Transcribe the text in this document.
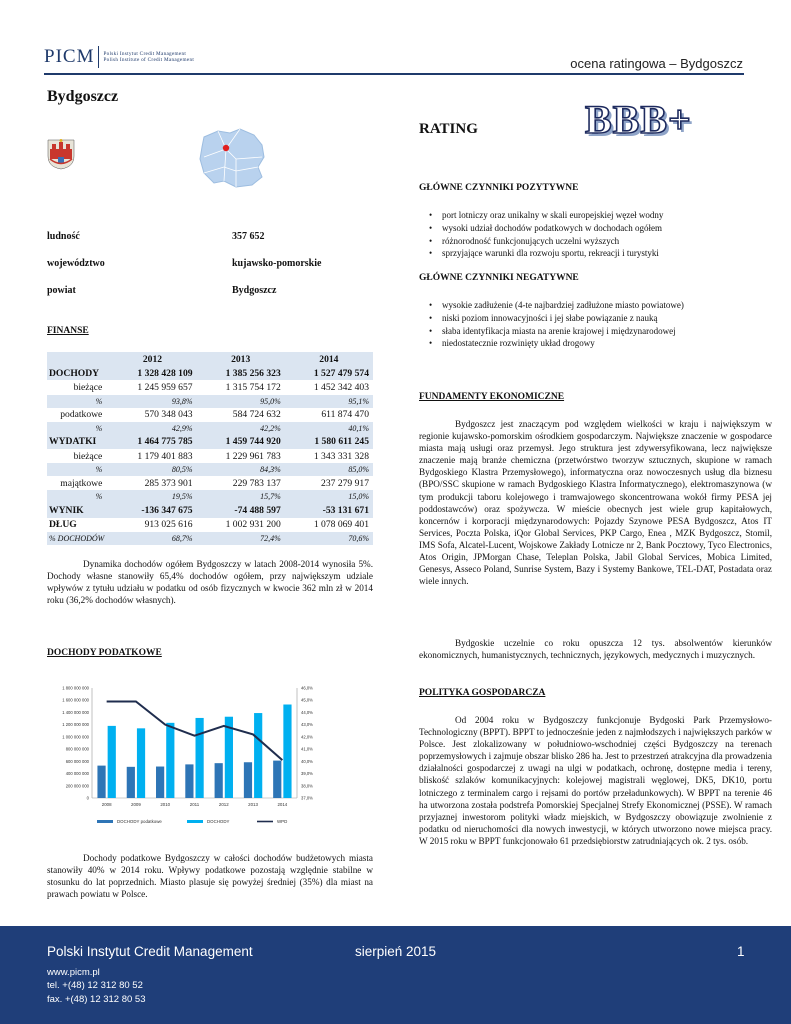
PICM Polski Instytut Credit Management
Polish Institute of Credit Management	ocena ratingowa – Bydgoszcz
Bydgoszcz
RATING	BBB+
ludność	357 652
województwo	kujawsko-pomorskie
powiat	Bydgoszcz
FINANSE
	2012	2013	2014
DOCHODY	1 328 428 109	1 385 256 323	1 527 479 574
bieżące	1 245 959 657	1 315 754 172	1 452 342 403
%	93,8%	95,0%	95,1%
podatkowe	570 348 043	584 724 632	611 874 470
%	42,9%	42,2%	40,1%
WYDATKI	1 464 775 785	1 459 744 920	1 580 611 245
bieżące	1 179 401 883	1 229 961 783	1 343 331 328
%	80,5%	84,3%	85,0%
majątkowe	285 373 901	229 783 137	237 279 917
%	19,5%	15,7%	15,0%
WYNIK	-136 347 675	-74 488 597	-53 131 671
DŁUG	913 025 616	1 002 931 200	1 078 069 401
% DOCHODÓW	68,7%	72,4%	70,6%
Dynamika dochodów ogółem Bydgoszczy w latach 2008-2014 wynosiła 5%. Dochody własne stanowiły 65,4% dochodów ogółem, przy największym udziale wpływów z tytułu udziału w podatku od osób fizycznych w kwocie 362 mln zł w 2014 roku (36,2% dochodów własnych).
DOCHODY PODATKOWE
0
200 000 000
400 000 000
600 000 000
800 000 000
1 000 000 000
1 200 000 000
1 400 000 000
1 600 000 000
1 800 000 000
37,0%
38,0%
39,0%
40,0%
41,0%
42,0%
43,0%
44,0%
45,0%
46,0%
2008	2009	2010	2011	2012	2013	2014
DOCHODY podatkowe	DOCHODY	WPD
Dochody podatkowe Bydgoszczy w całości dochodów budżetowych miasta stanowiły 40% w 2014 roku. Wpływy podatkowe pozostają względnie stabilne w stosunku do lat poprzednich. Miasto plasuje się powyżej średniej (35%) dla miast na prawach powiatu w Polsce.
GŁÓWNE CZYNNIKI POZYTYWNE
• port lotniczy oraz unikalny w skali europejskiej węzeł wodny
• wysoki udział dochodów podatkowych w dochodach ogółem
• różnorodność funkcjonujących uczelni wyższych
• sprzyjające warunki dla rozwoju sportu, rekreacji i turystyki
GŁÓWNE CZYNNIKI NEGATYWNE
• wysokie zadłużenie (4-te najbardziej zadłużone miasto powiatowe)
• niski poziom innowacyjności i jej słabe powiązanie z nauką
• słaba identyfikacja miasta na arenie krajowej i międzynarodowej
• niedostatecznie rozwinięty układ drogowy
FUNDAMENTY EKONOMICZNE
Bydgoszcz jest znaczącym pod względem wielkości w kraju i największym w regionie kujawsko-pomorskim ośrodkiem gospodarczym. Największe znaczenie w gospodarce miasta mają usługi oraz przemysł. Jego struktura jest zdywersyfikowana, lecz największe znaczenie mają branże chemiczna (przetwórstwo tworzyw sztucznych, skupione w ramach Bydgoskiego Klastra Przemysłowego), informatyczna oraz nowoczesnych usług dla biznesu (BPO/SSC skupione w ramach Bydgoskiego Klastra Informatycznego), elektromaszynowa (w tym produkcji taboru kolejowego i tramwajowego skoncentrowana wokół firmy PESA jej poddostawców) oraz spożywcza. W mieście obecnych jest wiele grup kapitałowych, koncernów i korporacji międzynarodowych: Pojazdy Szynowe PESA Bydgoszcz, Atos IT Services, Poczta Polska, iQor Global Services, PKP Cargo, Enea , MZK Bydgoszcz, Stomil, IMS Sofa, Alcatel-Lucent, Wojskowe Zakłady Lotnicze nr 2, Bank Pocztowy, Tyco Electronics, Atos Origin, JPMorgan Chase, Teleplan Polska, Jabil Global Services, Mobica Limited, Genesys, Asseco Poland, Sunrise System, Bazy i Systemy Bankowe, TEL-DAT, Postadata oraz wiele innych.
Bydgoskie uczelnie co roku opuszcza 12 tys. absolwentów kierunków ekonomicznych, humanistycznych, technicznych, językowych, medycznych i muzycznych.
POLITYKA GOSPODARCZA
Od 2004 roku w Bydgoszczy funkcjonuje Bydgoski Park Przemysłowo-Technologiczny (BPPT). BPPT to jednocześnie jeden z najmłodszych i największych parków w Polsce. Jest zlokalizowany w południowo-wschodniej części Bydgoszczy na terenach poprzemysłowych i zajmuje obszar blisko 286 ha. Jest to przestrzeń atrakcyjna dla prowadzenia działalności gospodarczej z uwagi na ulgi w podatkach, ochronę, dostępne media i tereny, bliskość szlaków komunikacyjnych: kolejowej magistrali węglowej, DK5, DK10, portu lotniczego z terminalem cargo i rejsami do portów przeładunkowych). W BPPT na terenie 46 ha utworzona została podstrefa Pomorskiej Specjalnej Strefy Ekonomicznej (PSSE). W ramach przyjaznej inwestorom polityki władz miejskich, w Bydgoszczy obowiązuje zwolnienie z podatku od nieruchomości dla nowych inwestycji, w których utworzono nowe miejsca pracy. W 2015 roku w BPPT funkcjonowało 61 przedsiębiorstw zatrudniających ok. 2 tys. osób.
Polski Instytut Credit Management	sierpień 2015	1
www.picm.pl
tel. +(48) 12 312 80 52
fax. +(48) 12 312 80 53
